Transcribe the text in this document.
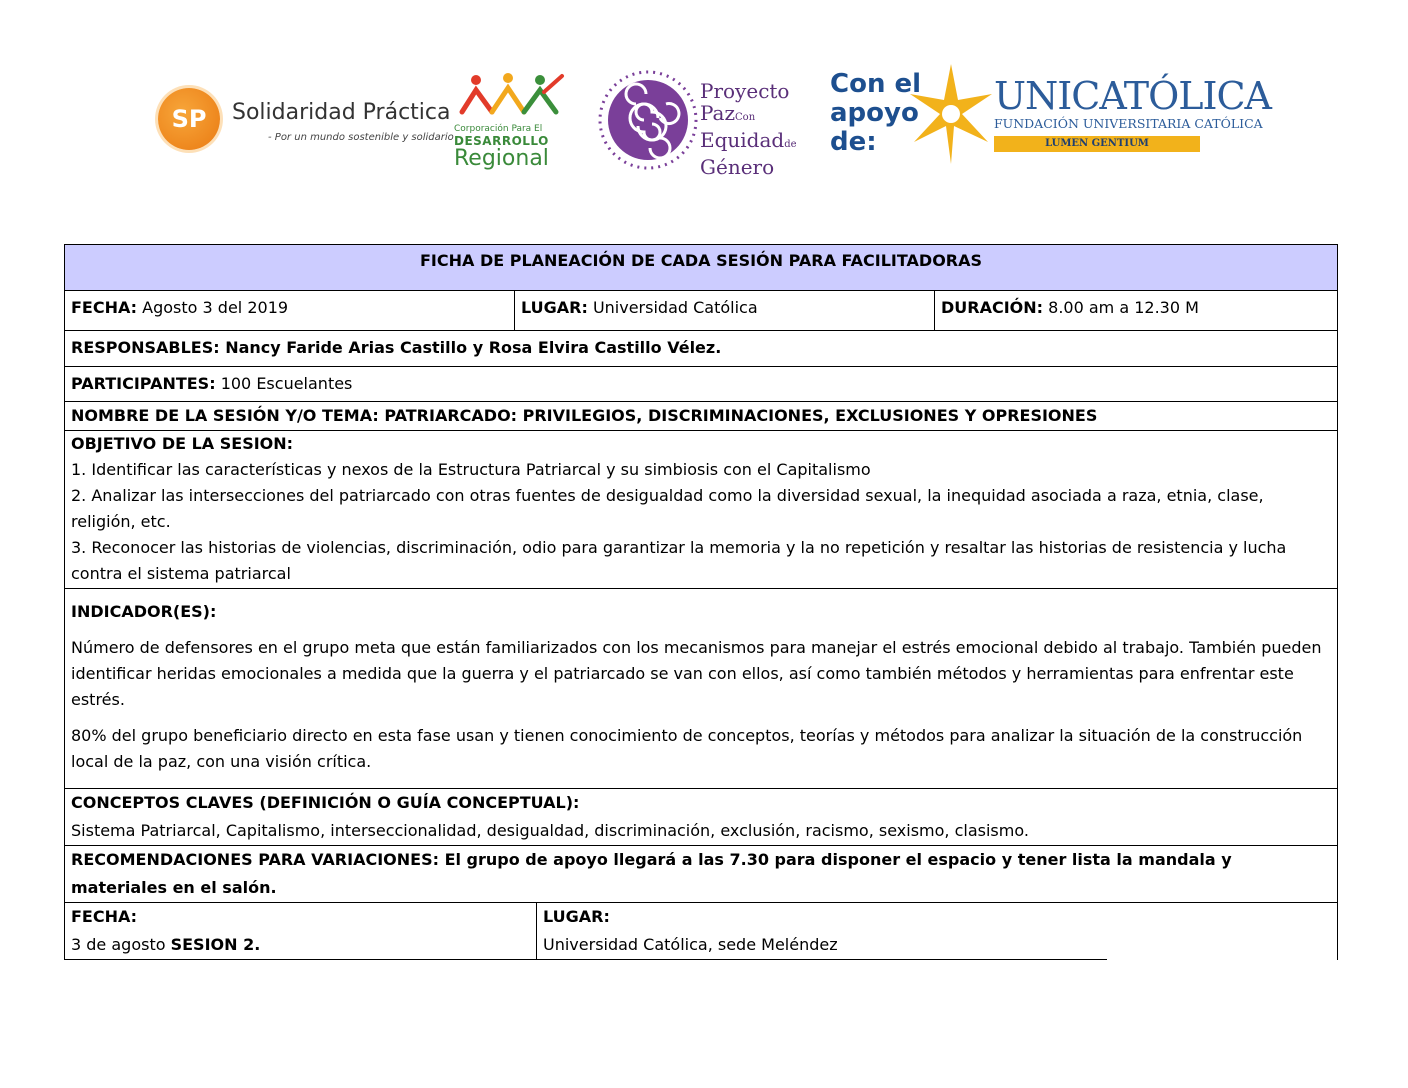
SP	Solidaridad Práctica
- Por un mundo sostenible y solidario
Corporación Para El
DESARROLLO
Regional
Proyecto
PazCon
Equidadde
Género
Con el
apoyo
de:
UNICATÓLICA
FUNDACIÓN UNIVERSITARIA CATÓLICA
LUMEN GENTIUM
FICHA DE PLANEACIÓN DE CADA SESIÓN PARA FACILITADORAS
FECHA: Agosto 3 del 2019	LUGAR: Universidad Católica	DURACIÓN: 8.00 am a 12.30 M
RESPONSABLES: Nancy Faride Arias Castillo y Rosa Elvira Castillo Vélez.
PARTICIPANTES: 100 Escuelantes
NOMBRE DE LA SESIÓN Y/O TEMA: PATRIARCADO: PRIVILEGIOS, DISCRIMINACIONES, EXCLUSIONES Y OPRESIONES
OBJETIVO DE LA SESION:
1. Identificar las características y nexos de la Estructura Patriarcal y su simbiosis con el Capitalismo
2. Analizar las intersecciones del patriarcado con otras fuentes de desigualdad como la diversidad sexual, la inequidad asociada a raza, etnia, clase, religión, etc.
3. Reconocer las historias de violencias, discriminación, odio para garantizar la memoria y la no repetición y resaltar las historias de resistencia y lucha contra el sistema patriarcal

INDICADOR(ES):

Número de defensores en el grupo meta que están familiarizados con los mecanismos para manejar el estrés emocional debido al trabajo. También pueden identificar heridas emocionales a medida que la guerra y el patriarcado se van con ellos, así como también métodos y herramientas para enfrentar este estrés.

80% del grupo beneficiario directo en esta fase usan y tienen conocimiento de conceptos, teorías y métodos para analizar la situación de la construcción local de la paz, con una visión crítica.

CONCEPTOS CLAVES (DEFINICIÓN O GUÍA CONCEPTUAL):
Sistema Patriarcal, Capitalismo, interseccionalidad, desigualdad, discriminación, exclusión, racismo, sexismo, clasismo.
RECOMENDACIONES PARA VARIACIONES: El grupo de apoyo llegará a las 7.30 para disponer el espacio y tener lista la mandala y materiales en el salón.
FECHA:
3 de agosto SESION 2.
LUGAR:
Universidad Católica, sede Meléndez
